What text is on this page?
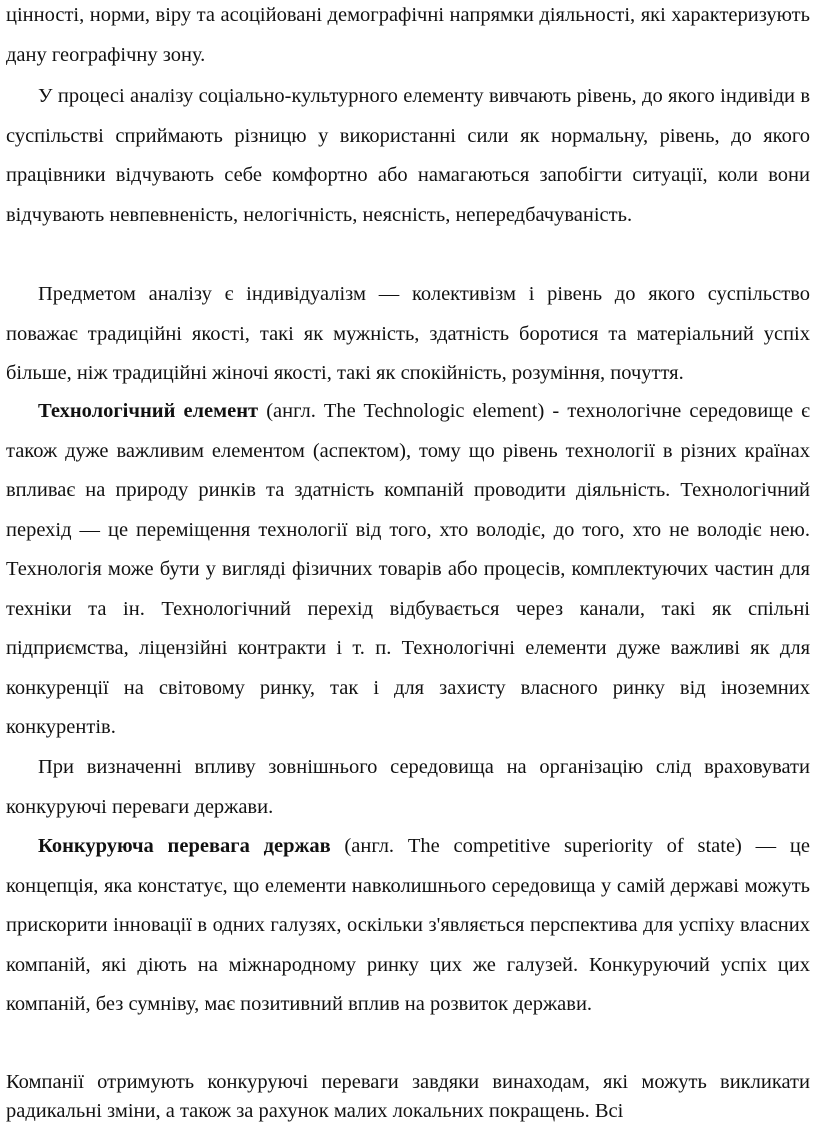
цінності, норми, віру та асоційовані демографічні напрямки діяльності, які характеризують дану географічну зону.

У процесі аналізу соціально-культурного елементу вивчають рівень, до якого індивіди в суспільстві сприймають різницю у використанні сили як нормальну, рівень, до якого працівники відчувають себе комфортно або намагаються запобігти ситуації, коли вони відчувають невпевненість, нелогічність, неясність, непередбачуваність.

Предметом аналізу є індивідуалізм — колективізм і рівень до якого суспільство поважає традиційні якості, такі як мужність, здатність боротися та матеріальний успіх більше, ніж традиційні жіночі якості, такі як спокійність, розуміння, почуття.

Технологічний елемент (англ. The Technologic element) - технологічне середовище є також дуже важливим елементом (аспектом), тому що рівень технології в різних країнах впливає на природу ринків та здатність компаній проводити діяльність. Технологічний перехід — це переміщення технології від того, хто володіє, до того, хто не володіє нею. Технологія може бути у вигляді фізичних товарів або процесів, комплектуючих частин для техніки та ін. Технологічний перехід відбувається через канали, такі як спільні підприємства, ліцензійні контракти і т. п. Технологічні елементи дуже важливі як для конкуренції на світовому ринку, так і для захисту власного ринку від іноземних конкурентів.

При визначенні впливу зовнішнього середовища на організацію слід враховувати конкуруючі переваги держави.

Конкуруюча перевага держав (англ. The competitive superiority of state) — це концепція, яка констатує, що елементи навколишнього середовища у самій державі можуть прискорити інновації в одних галузях, оскільки з'являється перспектива для успіху власних компаній, які діють на міжнародному ринку цих же галузей. Конкуруючий успіх цих компаній, без сумніву, має позитивний вплив на розвиток держави.

Компанії отримують конкуруючі переваги завдяки винаходам, які можуть викликати радикальні зміни, а також за рахунок малих локальних покращень. Всі
